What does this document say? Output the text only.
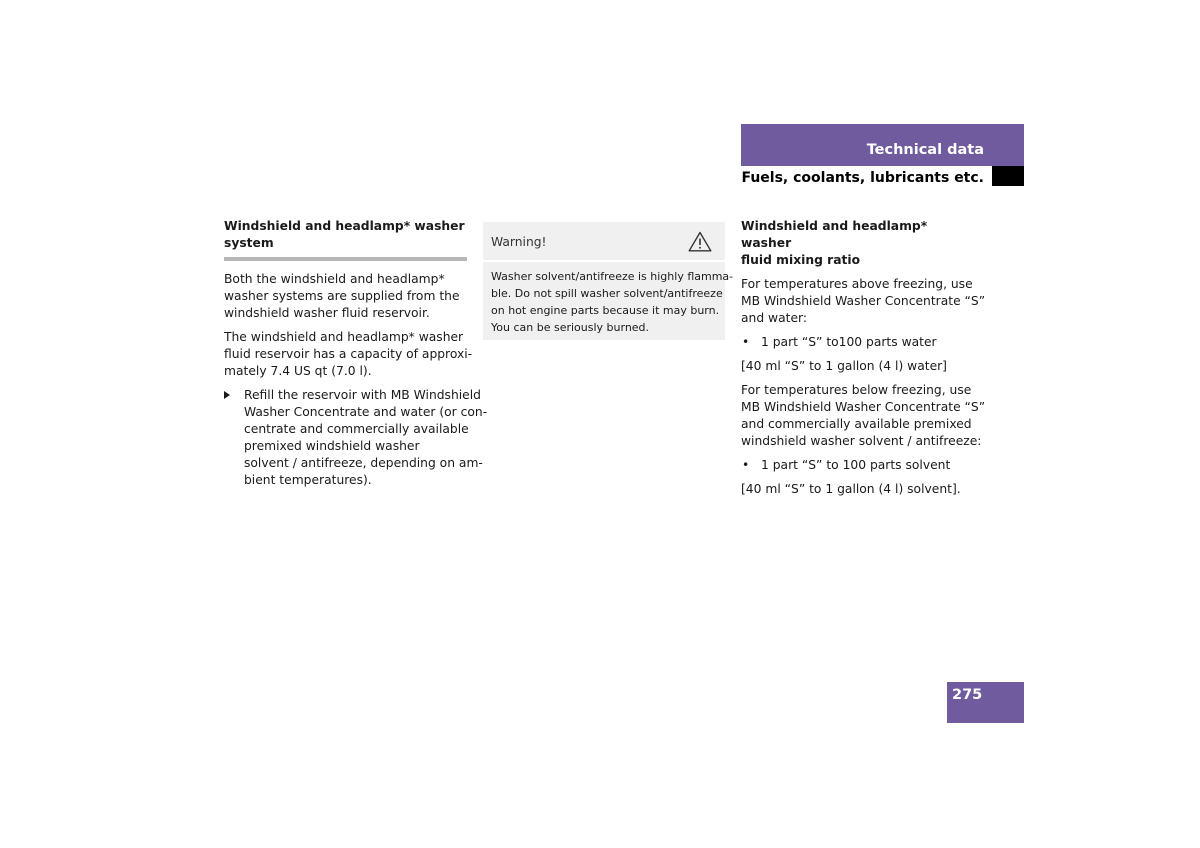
Technical data
Fuels, coolants, lubricants etc.
Windshield and headlamp* washer
system

Both the windshield and headlamp*
washer systems are supplied from the
windshield washer fluid reservoir.

The windshield and headlamp* washer
fluid reservoir has a capacity of approxi-
mately 7.4 US qt (7.0 l).

Refill the reservoir with MB Windshield
Washer Concentrate and water (or con-
centrate and commercially available
premixed windshield washer
solvent / antifreeze, depending on am-
bient temperatures).

Warning!
Washer solvent/antifreeze is highly flamma-
ble. Do not spill washer solvent/antifreeze
on hot engine parts because it may burn.
You can be seriously burned.
Windshield and headlamp* washer
fluid mixing ratio

For temperatures above freezing, use
MB Windshield Washer Concentrate “S”
and water:

• 1 part “S” to100 parts water

[40 ml “S” to 1 gallon (4 l) water]

For temperatures below freezing, use
MB Windshield Washer Concentrate “S”
and commercially available premixed
windshield washer solvent / antifreeze:

• 1 part “S” to 100 parts solvent

[40 ml “S” to 1 gallon (4 l) solvent].

275
